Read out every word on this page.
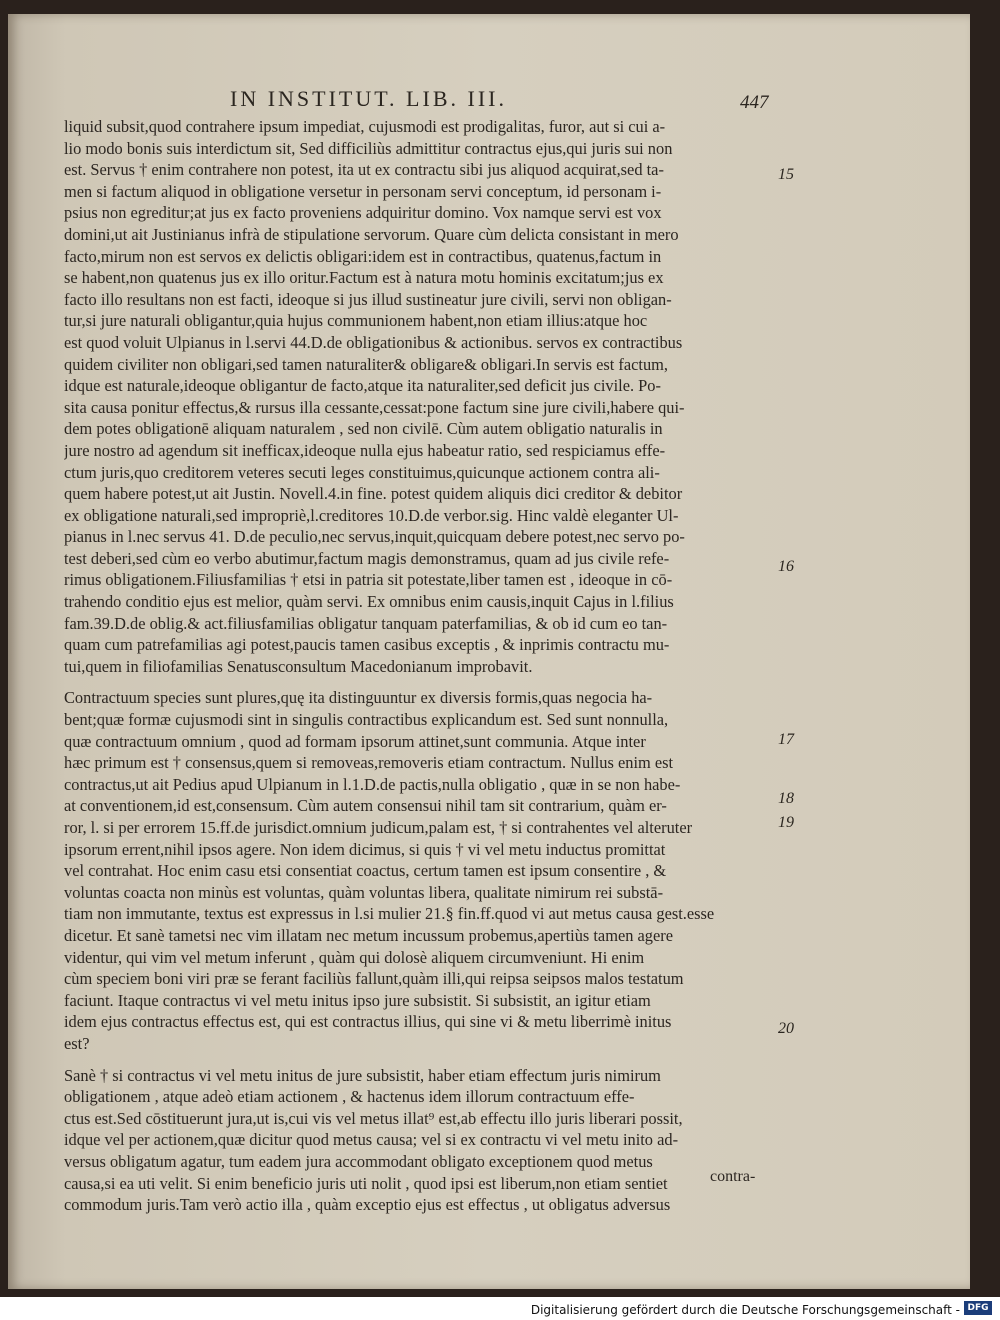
IN INSTITUT. LIB. III.	447
liquid subsit,quod contrahere ipsum impediat, cujusmodi est prodigalitas, furor, aut si cui a-
lio modo bonis suis interdictum sit, Sed difficiliùs admittitur contractus ejus,qui juris sui non
est. Servus † enim contrahere non potest, ita ut ex contractu sibi jus aliquod acquirat,sed ta-
men si factum aliquod in obligatione versetur in personam servi conceptum, id personam i-
psius non egreditur;at jus ex facto proveniens adquiritur domino. Vox namque servi est vox
domini,ut ait Justinianus infrà de stipulatione servorum. Quare cùm delicta consistant in mero
facto,mirum non est servos ex delictis obligari:idem est in contractibus, quatenus,factum in
se habent,non quatenus jus ex illo oritur.Factum est à natura motu hominis excitatum;jus ex
facto illo resultans non est facti, ideoque si jus illud sustineatur jure civili, servi non obligan-
tur,si jure naturali obligantur,quia hujus communionem habent,non etiam illius:atque hoc
est quod voluit Ulpianus in l.servi 44.D.de obligationibus & actionibus. servos ex contractibus
quidem civiliter non obligari,sed tamen naturaliter& obligare& obligari.In servis est factum,
idque est naturale,ideoque obligantur de facto,atque ita naturaliter,sed deficit jus civile. Po-
sita causa ponitur effectus,& rursus illa cessante,cessat:pone factum sine jure civili,habere qui-
dem potes obligationē aliquam naturalem , sed non civilē. Cùm autem obligatio naturalis in
jure nostro ad agendum sit inefficax,ideoque nulla ejus habeatur ratio, sed respiciamus effe-
ctum juris,quo creditorem veteres secuti leges constituimus,quicunque actionem contra ali-
quem habere potest,ut ait Justin. Novell.4.in fine. potest quidem aliquis dici creditor & debitor
ex obligatione naturali,sed impropriè,l.creditores 10.D.de verbor.sig. Hinc valdè eleganter Ul-
pianus in l.nec servus 41. D.de peculio,nec servus,inquit,quicquam debere potest,nec servo po-
test deberi,sed cùm eo verbo abutimur,factum magis demonstramus, quam ad jus civile refe-
rimus obligationem.Filiusfamilias † etsi in patria sit potestate,liber tamen est , ideoque in cō-
trahendo conditio ejus est melior, quàm servi. Ex omnibus enim causis,inquit Cajus in l.filius
fam.39.D.de oblig.& act.filiusfamilias obligatur tanquam paterfamilias, & ob id cum eo tan-
quam cum patrefamilias agi potest,paucis tamen casibus exceptis , & inprimis contractu mu-
tui,quem in filiofamilias Senatusconsultum Macedonianum improbavit.
Contractuum species sunt plures,quę ita distinguuntur ex diversis formis,quas negocia ha-
bent;quæ formæ cujusmodi sint in singulis contractibus explicandum est. Sed sunt nonnulla,
quæ contractuum omnium , quod ad formam ipsorum attinet,sunt communia. Atque inter
hæc primum est † consensus,quem si removeas,removeris etiam contractum. Nullus enim est
contractus,ut ait Pedius apud Ulpianum in l.1.D.de pactis,nulla obligatio , quæ in se non habe-
at conventionem,id est,consensum. Cùm autem consensui nihil tam sit contrarium, quàm er-
ror, l. si per errorem 15.ff.de jurisdict.omnium judicum,palam est, † si contrahentes vel alteruter
ipsorum errent,nihil ipsos agere. Non idem dicimus, si quis † vi vel metu inductus promittat
vel contrahat. Hoc enim casu etsi consentiat coactus, certum tamen est ipsum consentire , &
voluntas coacta non minùs est voluntas, quàm voluntas libera, qualitate nimirum rei substā-
tiam non immutante, textus est expressus in l.si mulier 21.§ fin.ff.quod vi aut metus causa gest.esse
dicetur. Et sanè tametsi nec vim illatam nec metum incussum probemus,apertiùs tamen agere
videntur, qui vim vel metum inferunt , quàm qui dolosè aliquem circumveniunt. Hi enim
cùm speciem boni viri præ se ferant faciliùs fallunt,quàm illi,qui reipsa seipsos malos testatum
faciunt. Itaque contractus vi vel metu initus ipso jure subsistit. Si subsistit, an igitur etiam
idem ejus contractus effectus est, qui est contractus illius, qui sine vi & metu liberrimè initus
est?
Sanè † si contractus vi vel metu initus de jure subsistit, haber etiam effectum juris nimirum
obligationem , atque adeò etiam actionem , & hactenus idem illorum contractuum effe-
ctus est.Sed cōstituerunt jura,ut is,cui vis vel metus illat⁹ est,ab effectu illo juris liberari possit,
idque vel per actionem,quæ dicitur quod metus causa; vel si ex contractu vi vel metu inito ad-
versus obligatum agatur, tum eadem jura accommodant obligato exceptionem quod metus
causa,si ea uti velit. Si enim beneficio juris uti nolit , quod ipsi est liberum,non etiam sentiet
commodum juris.Tam verò actio illa , quàm exceptio ejus est effectus , ut obligatus adversus
15
16
17
18
19
20
contra-
Digitalisierung gefördert durch die Deutsche Forschungsgemeinschaft - DFG
